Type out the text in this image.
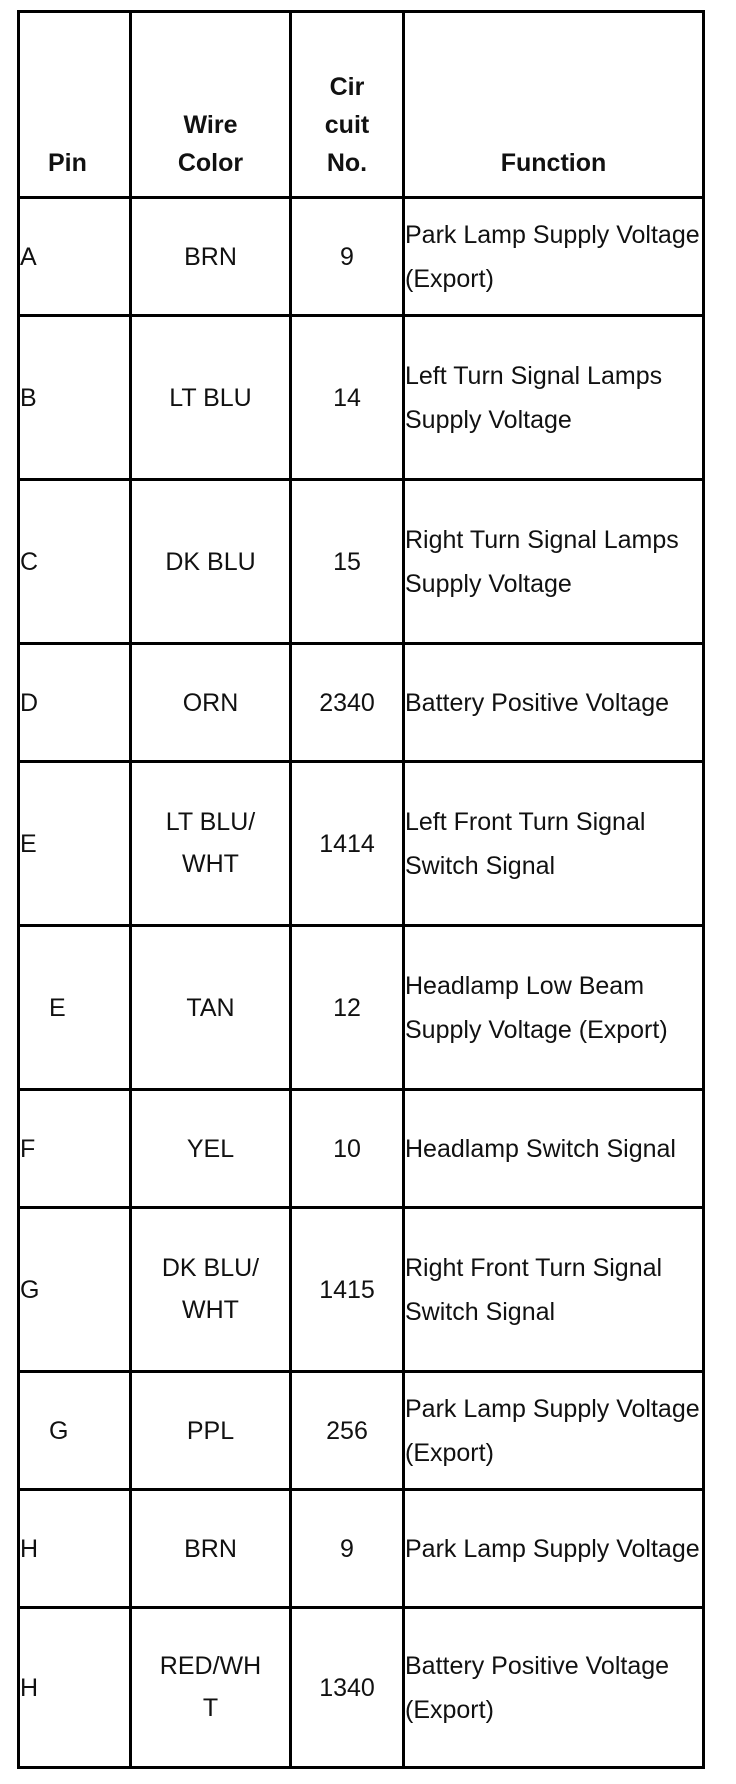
Pin	Wire Color	Cir cuit No.	Function
A	BRN	9	Park Lamp Supply Voltage (Export)
B	LT BLU	14	Left Turn Signal Lamps Supply Voltage
C	DK BLU	15	Right Turn Signal Lamps Supply Voltage
D	ORN	2340	Battery Positive Voltage
E	LT BLU/ WHT	1414	Left Front Turn Signal Switch Signal
E	TAN	12	Headlamp Low Beam Supply Voltage (Export)
F	YEL	10	Headlamp Switch Signal
G	DK BLU/ WHT	1415	Right Front Turn Signal Switch Signal
G	PPL	256	Park Lamp Supply Voltage (Export)
H	BRN	9	Park Lamp Supply Voltage
H	RED/WHT	1340	Battery Positive Voltage (Export)
